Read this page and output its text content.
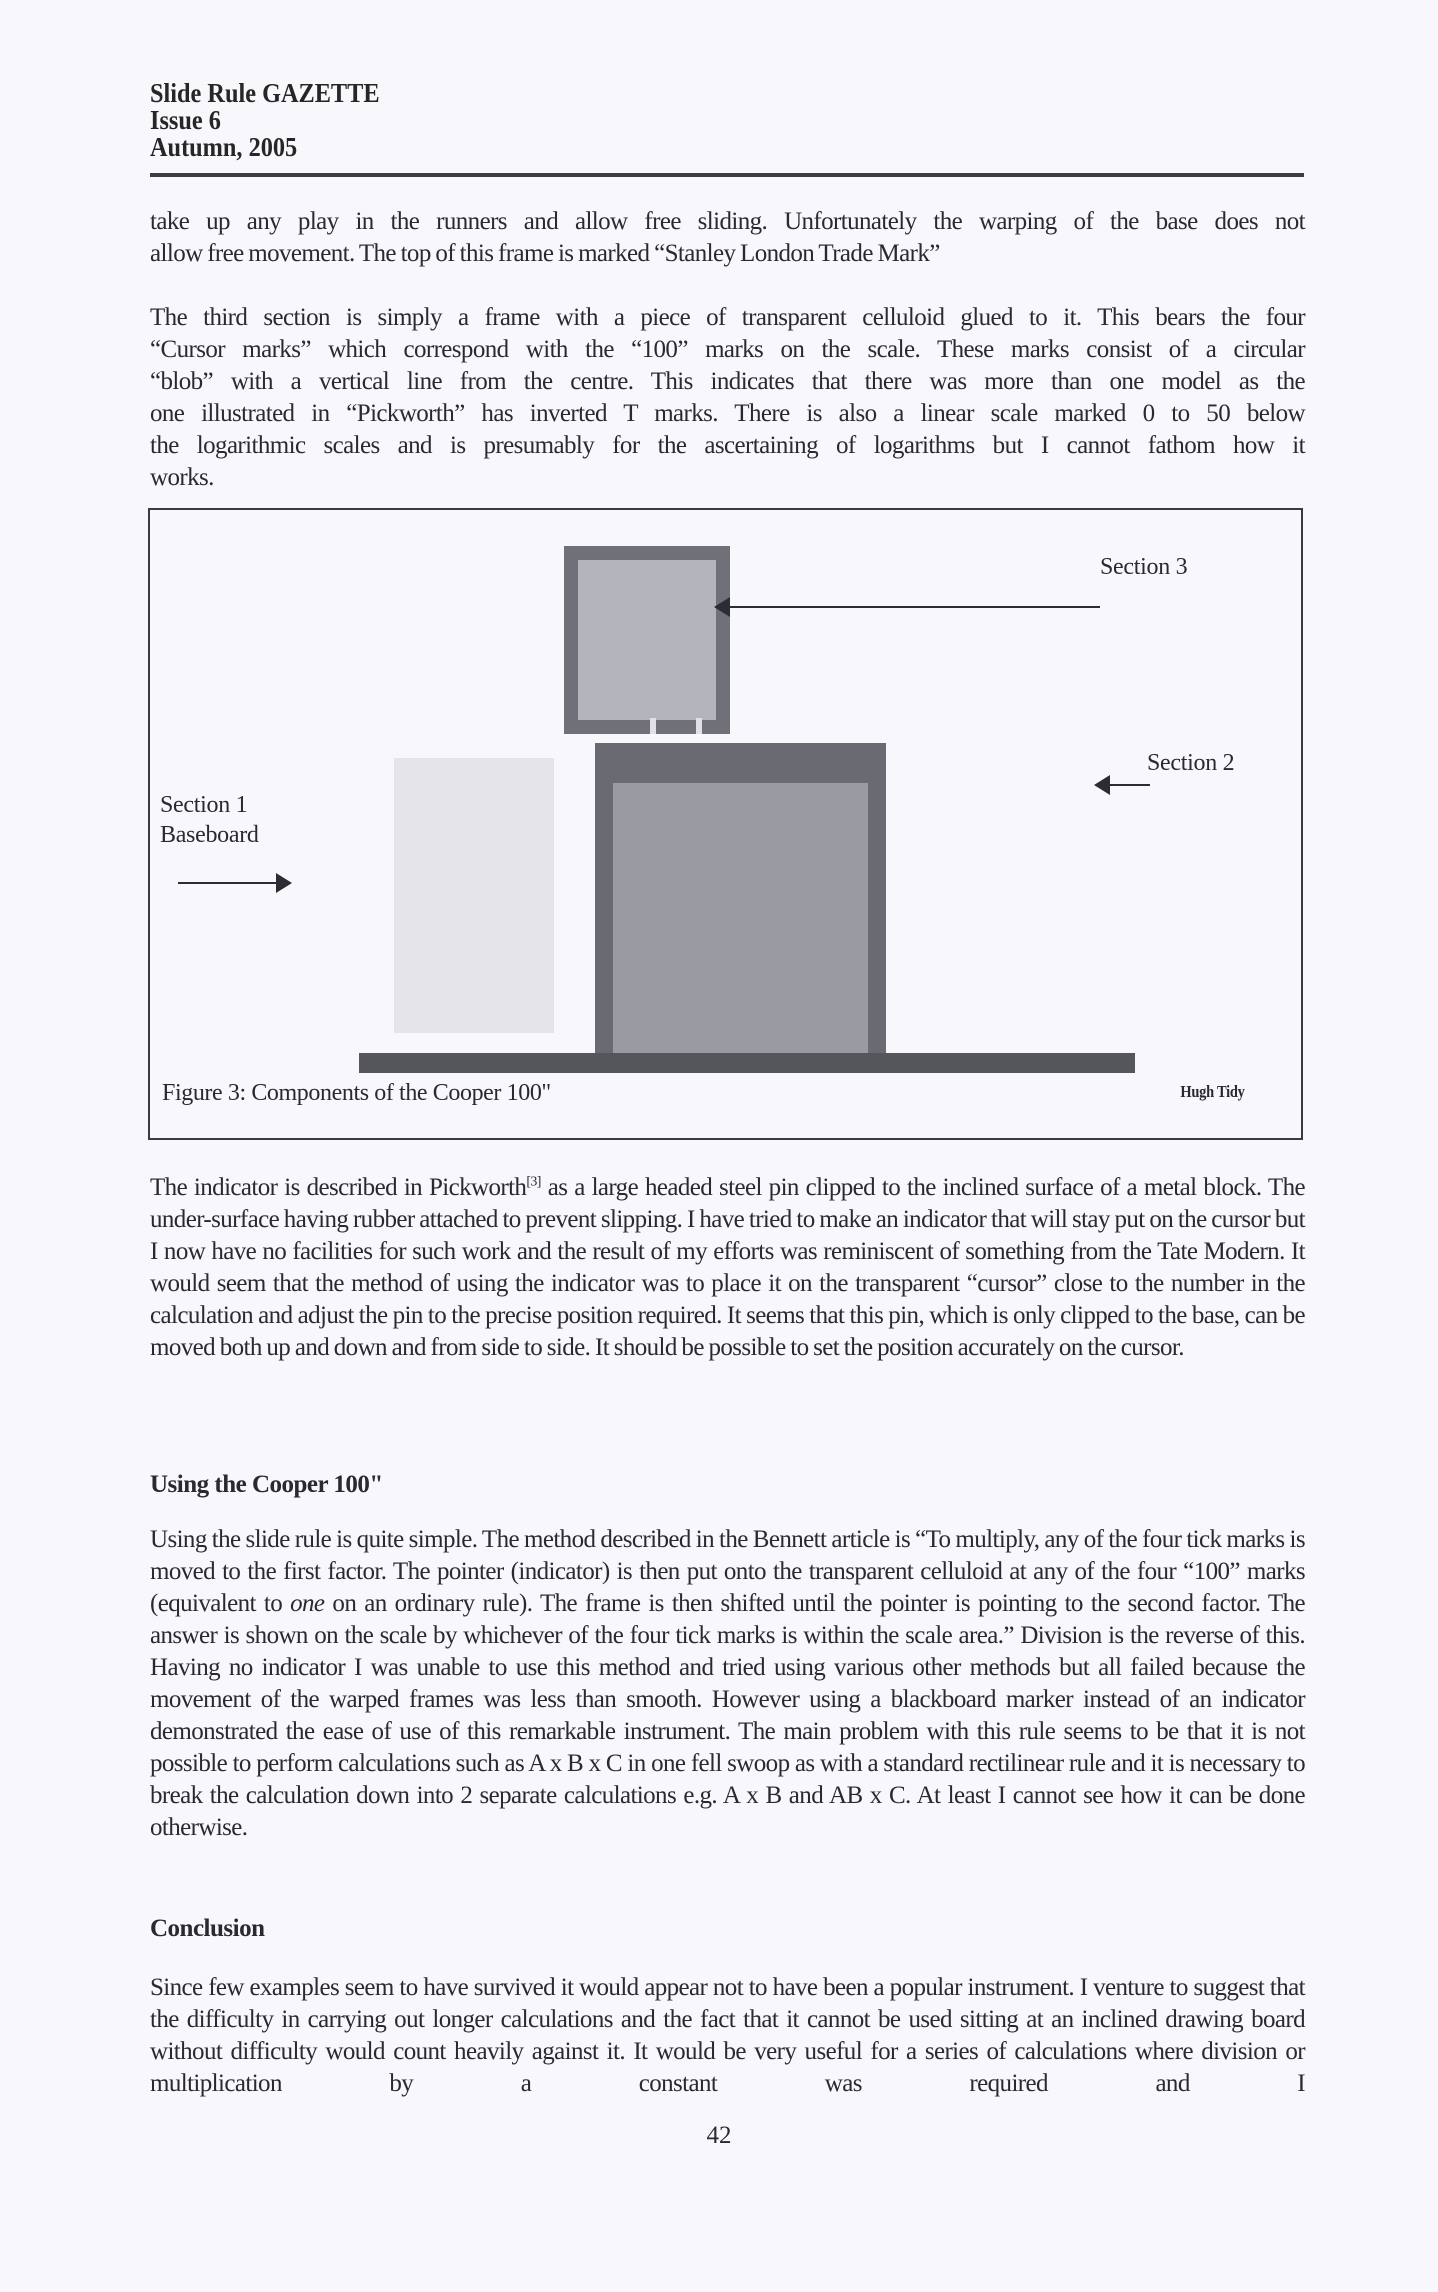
Slide Rule GAZETTE
Issue 6
Autumn, 2005
take up any play in the runners and allow free sliding. Unfortunately the warping of the base does not
allow free movement. The top of this frame is marked “Stanley London Trade Mark”
The third section is simply a frame with a piece of transparent celluloid glued to it. This bears the four
“Cursor marks” which correspond with the “100” marks on the scale. These marks consist of a circular
“blob” with a vertical line from the centre. This indicates that there was more than one model as the
one illustrated in “Pickworth” has inverted T marks. There is also a linear scale marked 0 to 50 below
the logarithmic scales and is presumably for the ascertaining of logarithms but I cannot fathom how it
works.
Section 3
Section 2
Section 1
Baseboard
Figure 3: Components of the Cooper 100"	Hugh Tidy
The indicator is described in Pickworth[3] as a large headed steel pin clipped to the inclined surface of a metal block. The under-surface having rubber attached to prevent slipping. I have tried to make an indicator that will stay put on the cursor but I now have no facilities for such work and the result of my efforts was reminiscent of something from the Tate Modern. It would seem that the method of using the indicator was to place it on the transparent “cursor” close to the number in the calculation and adjust the pin to the precise position required. It seems that this pin, which is only clipped to the base, can be moved both up and down and from side to side. It should be possible to set the position accurately on the cursor.
Using the Cooper 100"
Using the slide rule is quite simple. The method described in the Bennett article is “To multiply, any of the four tick marks is moved to the first factor. The pointer (indicator) is then put onto the transparent celluloid at any of the four “100” marks (equivalent to one on an ordinary rule). The frame is then shifted until the pointer is pointing to the second factor. The answer is shown on the scale by whichever of the four tick marks is within the scale area.” Division is the reverse of this. Having no indicator I was unable to use this method and tried using various other methods but all failed because the movement of the warped frames was less than smooth. However using a blackboard marker instead of an indicator demonstrated the ease of use of this remarkable instrument. The main problem with this rule seems to be that it is not possible to perform calculations such as A x B x C in one fell swoop as with a standard rectilinear rule and it is necessary to break the calculation down into 2 separate calculations e.g. A x B and AB x C. At least I cannot see how it can be done otherwise.
Conclusion
Since few examples seem to have survived it would appear not to have been a popular instrument. I venture to suggest that the difficulty in carrying out longer calculations and the fact that it cannot be used sitting at an inclined drawing board without difficulty would count heavily against it. It would be very useful for a series of calculations where division or multiplication by a constant was required and I
42
